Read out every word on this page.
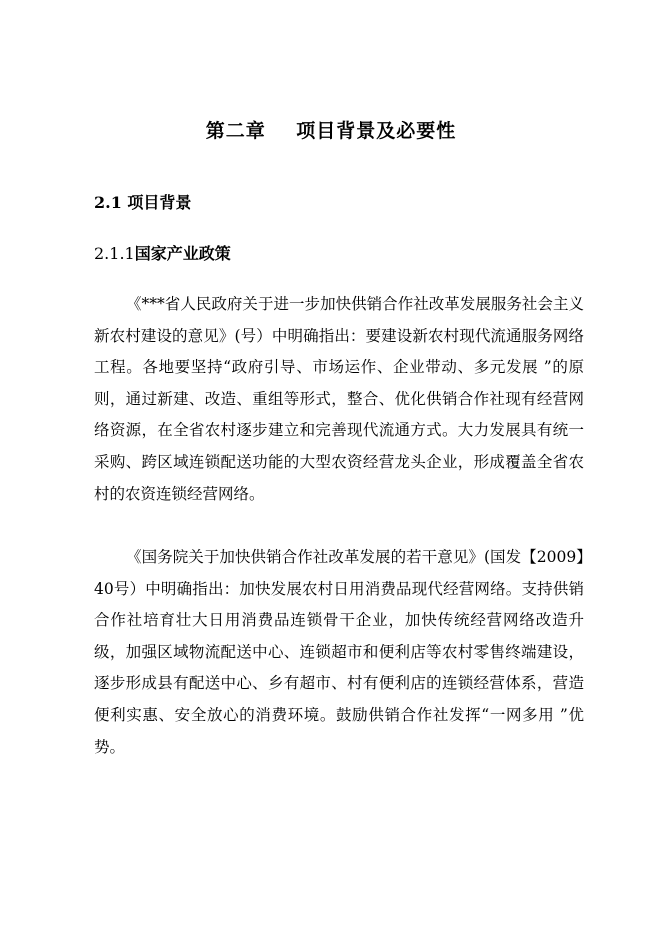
第二章    项目背景及必要性
2.1 项目背景
2.1.1国家产业政策

《***省人民政府关于进一步加快供销合作社改革发展服务社会主义新农村建设的意见》(号）中明确指出：要建设新农村现代流通服务网络工程。各地要坚持“政府引导、市场运作、企业带动、多元发展 ”的原则，通过新建、改造、重组等形式，整合、优化供销合作社现有经营网络资源，在全省农村逐步建立和完善现代流通方式。大力发展具有统一采购、跨区域连锁配送功能的大型农资经营龙头企业，形成覆盖全省农村的农资连锁经营网络。

《国务院关于加快供销合作社改革发展的若干意见》(国发【2009】40号）中明确指出：加快发展农村日用消费品现代经营网络。支持供销合作社培育壮大日用消费品连锁骨干企业，加快传统经营网络改造升级，加强区域物流配送中心、连锁超市和便利店等农村零售终端建设，逐步形成县有配送中心、乡有超市、村有便利店的连锁经营体系，营造便利实惠、安全放心的消费环境。鼓励供销合作社发挥“一网多用 ”优势。
